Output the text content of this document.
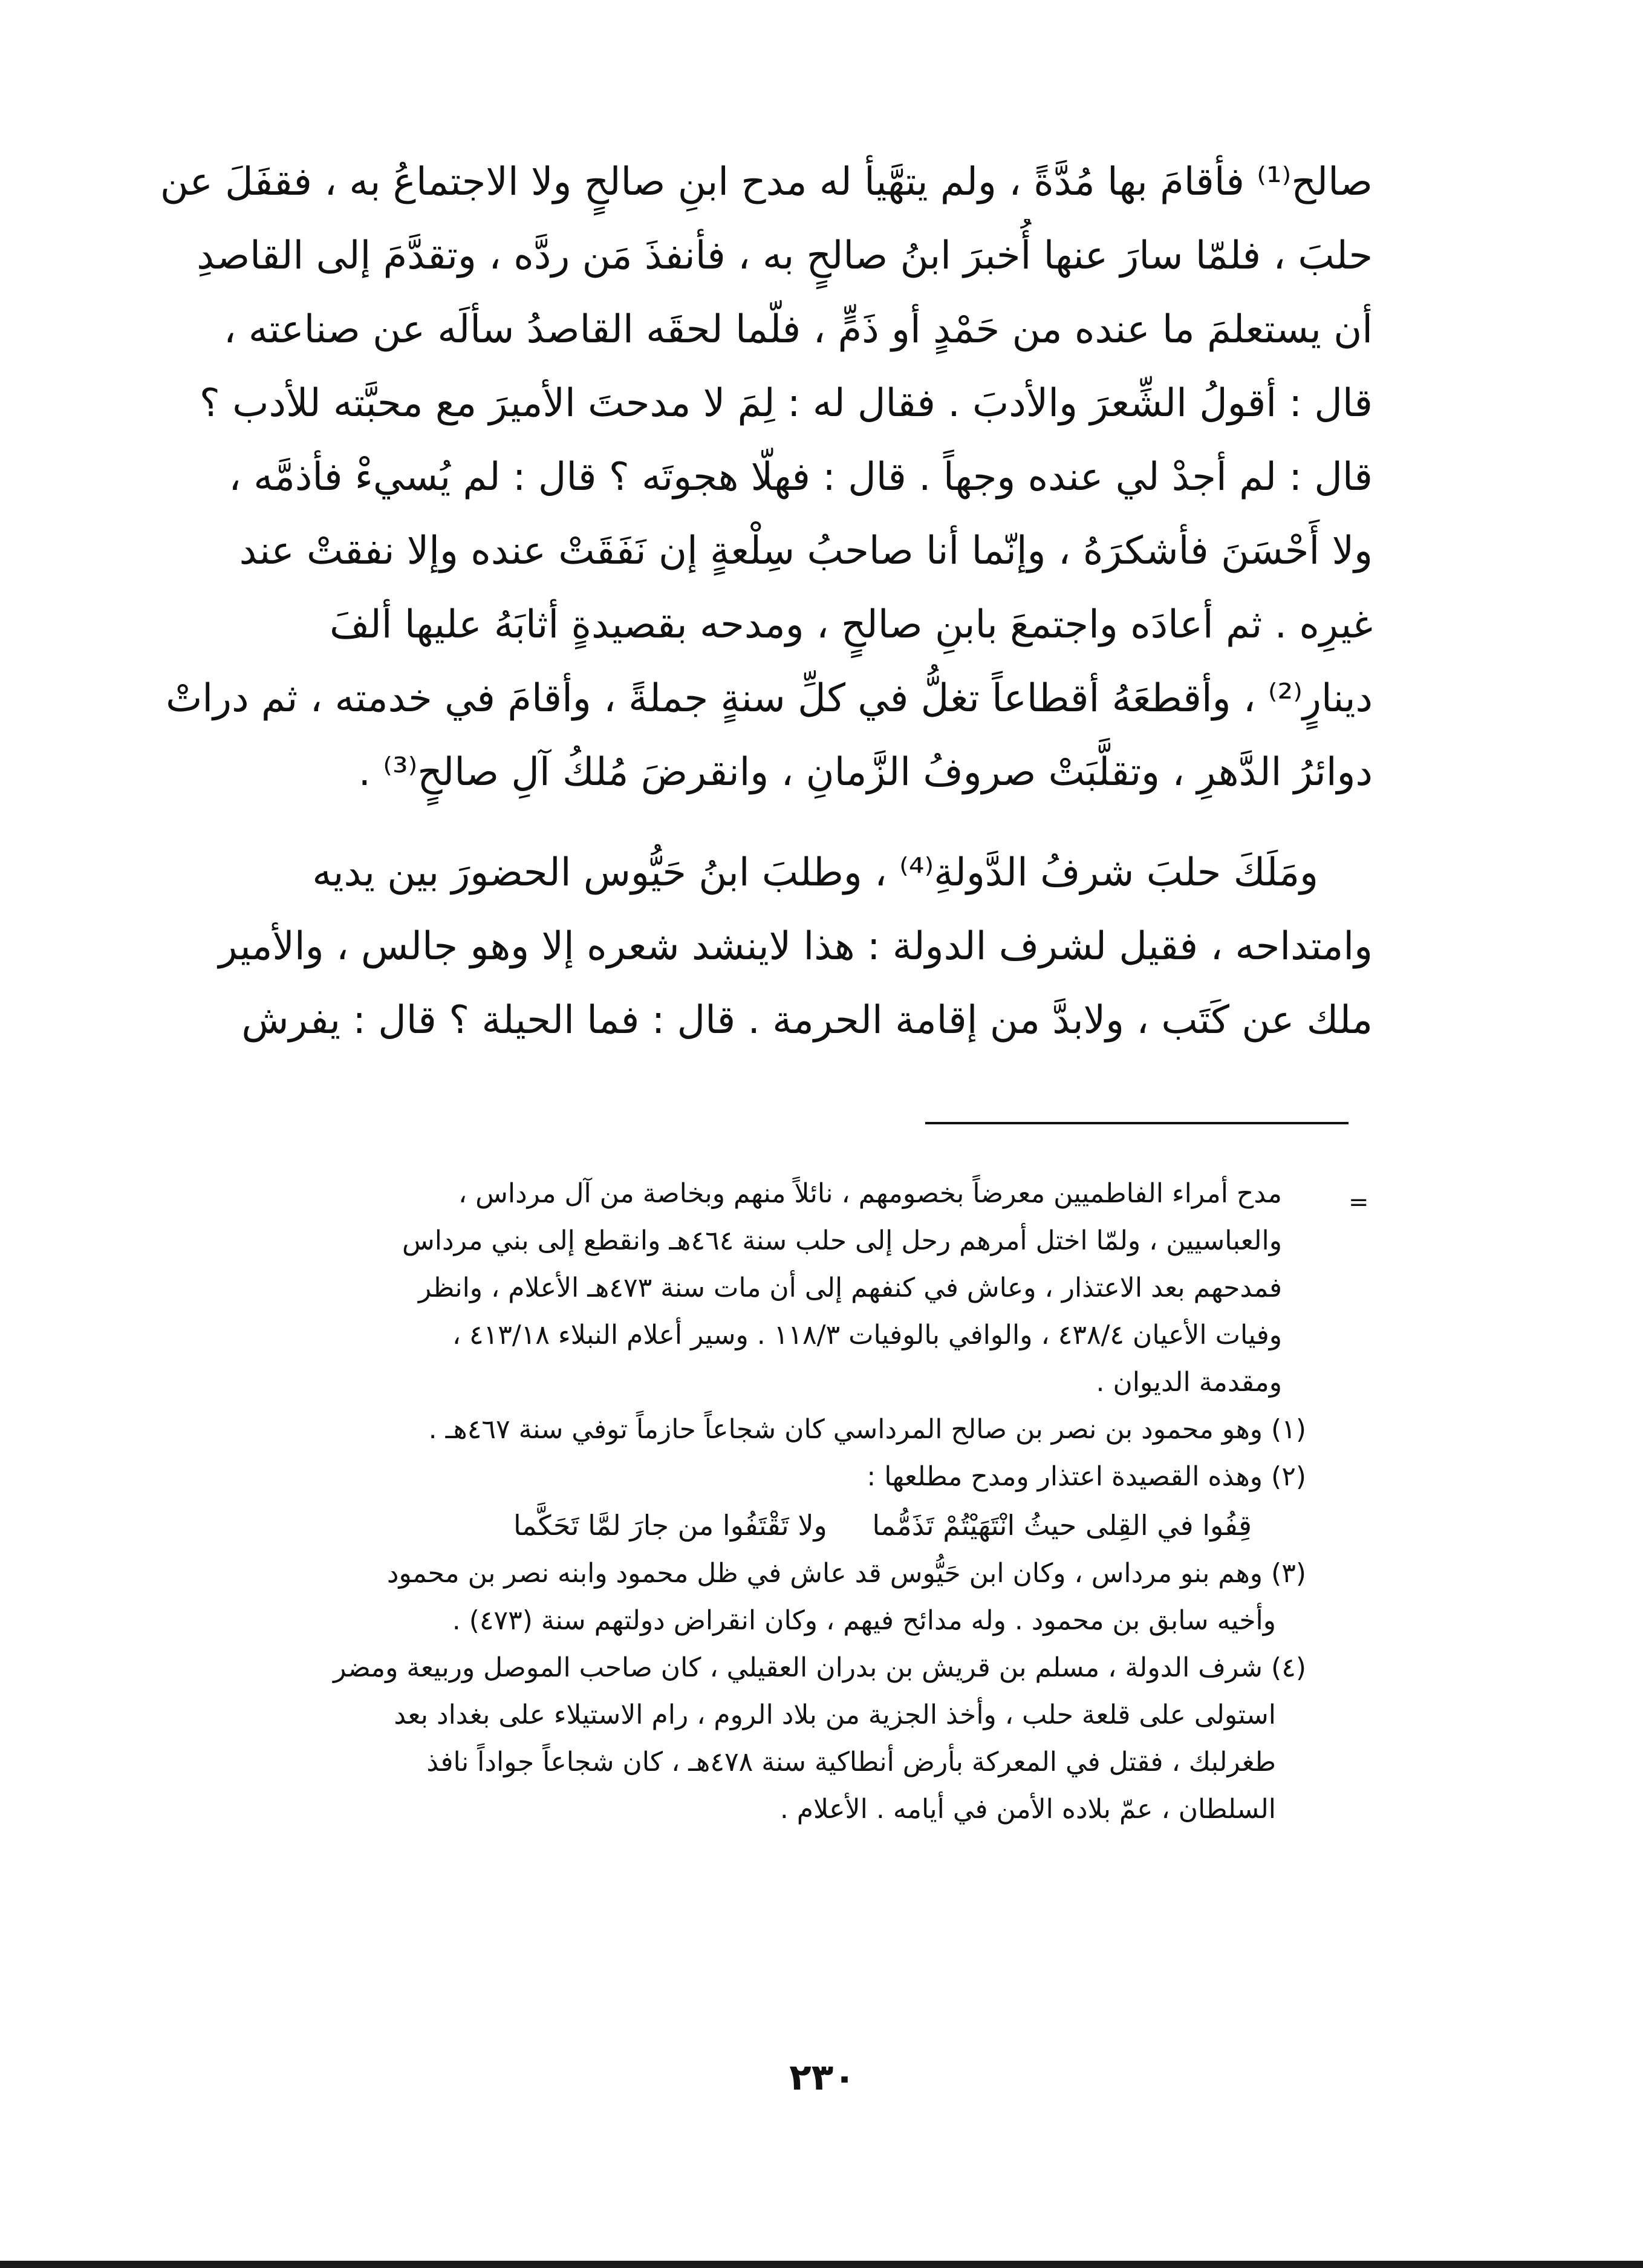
صالح⁽¹⁾ فأقامَ بها مُدَّةً ، ولم يتهَّيأ له مدح ابنِ صالحٍ ولا الاجتماعُ به ، فقفَلَ عن
حلبَ ، فلمّا سارَ عنها أُخبرَ ابنُ صالحٍ به ، فأنفذَ مَن ردَّه ، وتقدَّمَ إلى القاصدِ
أن يستعلمَ ما عنده من حَمْدٍ أو ذَمٍّ ، فلّما لحقَه القاصدُ سألَه عن صناعته ،
قال : أقولُ الشِّعرَ والأدبَ . فقال له : لِمَ لا مدحتَ الأميرَ مع محبَّته للأدب ؟
قال : لم أجدْ لي عنده وجهاً . قال : فهلّا هجوتَه ؟ قال : لم يُسيءْ فأذمَّه ،
ولا أَحْسَنَ فأشكرَهُ ، وإنّما أنا صاحبُ سِلْعةٍ إن نَفَقَتْ عنده وإلا نفقتْ عند
غيرِه . ثم أعادَه واجتمعَ بابنِ صالحٍ ، ومدحه بقصيدةٍ أثابَهُ عليها ألفَ
دينارٍ⁽²⁾ ، وأقطعَهُ أقطاعاً تغلُّ في كلِّ سنةٍ جملةً ، وأقامَ في خدمته ، ثم دراتْ
دوائرُ الدَّهرِ ، وتقلَّبَتْ صروفُ الزَّمانِ ، وانقرضَ مُلكُ آلِ صالحٍ⁽³⁾ .
ومَلَكَ حلبَ شرفُ الدَّولةِ⁽⁴⁾ ، وطلبَ ابنُ حَيُّوس الحضورَ بين يديه
وامتداحه ، فقيل لشرف الدولة : هذا لاينشد شعره إلا وهو جالس ، والأمير
ملك عن كَتَب ، ولابدَّ من إقامة الحرمة . قال : فما الحيلة ؟ قال : يفرش
=
مدح أمراء الفاطميين معرضاً بخصومهم ، نائلاً منهم وبخاصة من آل مرداس ،
والعباسيين ، ولمّا اختل أمرهم رحل إلى حلب سنة ٤٦٤هـ وانقطع إلى بني مرداس
فمدحهم بعد الاعتذار ، وعاش في كنفهم إلى أن مات سنة ٤٧٣هـ الأعلام ، وانظر
وفيات الأعيان ٤٣٨/٤ ، والوافي بالوفيات ١١٨/٣ . وسير أعلام النبلاء ٤١٣/١٨ ،
ومقدمة الديوان .
(١) وهو محمود بن نصر بن صالح المرداسي كان شجاعاً حازماً توفي سنة ٤٦٧هـ .
(٢) وهذه القصيدة اعتذار ومدح مطلعها :
قِفُوا في القِلى حيثُ انْتَهَيْتُمْ تَذَمُّما ولا تَقْتَفُوا من جارَ لمَّا تَحَكَّما
(٣) وهم بنو مرداس ، وكان ابن حَيُّوس قد عاش في ظل محمود وابنه نصر بن محمود
وأخيه سابق بن محمود . وله مدائح فيهم ، وكان انقراض دولتهم سنة (٤٧٣) .
(٤) شرف الدولة ، مسلم بن قريش بن بدران العقيلي ، كان صاحب الموصل وربيعة ومضر
استولى على قلعة حلب ، وأخذ الجزية من بلاد الروم ، رام الاستيلاء على بغداد بعد
طغرلبك ، فقتل في المعركة بأرض أنطاكية سنة ٤٧٨هـ ، كان شجاعاً جواداً نافذ
السلطان ، عمّ بلاده الأمن في أيامه . الأعلام .
٢٣٠
